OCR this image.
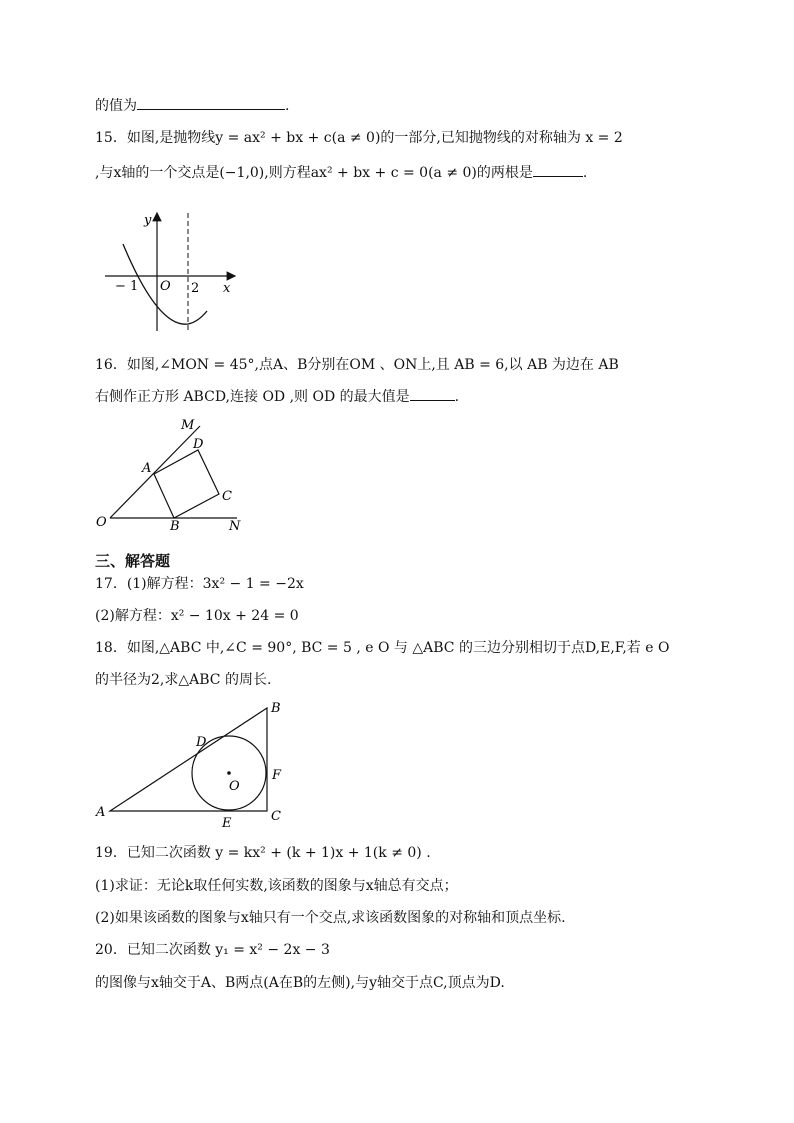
的值为	.
15．如图,是抛物线y = ax² + bx + c(a ≠ 0)的一部分,已知抛物线的对称轴为 x = 2
,与x轴的一个交点是(−1,0),则方程ax² + bx + c = 0(a ≠ 0)的两根是	.
y
x
O
− 1	2
16．如图,∠MON = 45°,点A、B分别在OM 、ON上,且 AB = 6,以 AB 为边在 AB
右侧作正方形 ABCD,连接 OD ,则 OD 的最大值是	.
M
D
A
C
O	B	N
三、解答题
17．(1)解方程：3x² − 1 = −2x
(2)解方程：x² − 10x + 24 = 0
18．如图,△ABC 中,∠C = 90°, BC = 5 , e O 与 △ABC 的三边分别相切于点D,E,F,若 e O
的半径为2,求△ABC 的周长.
B
D
F
O
A
E	C
19．已知二次函数 y = kx² + (k + 1)x + 1(k ≠ 0) .
(1)求证：无论k取任何实数,该函数的图象与x轴总有交点；
(2)如果该函数的图象与x轴只有一个交点,求该函数图象的对称轴和顶点坐标.
20．已知二次函数 y₁ = x² − 2x − 3
的图像与x轴交于A、B两点(A在B的左侧),与y轴交于点C,顶点为D.
